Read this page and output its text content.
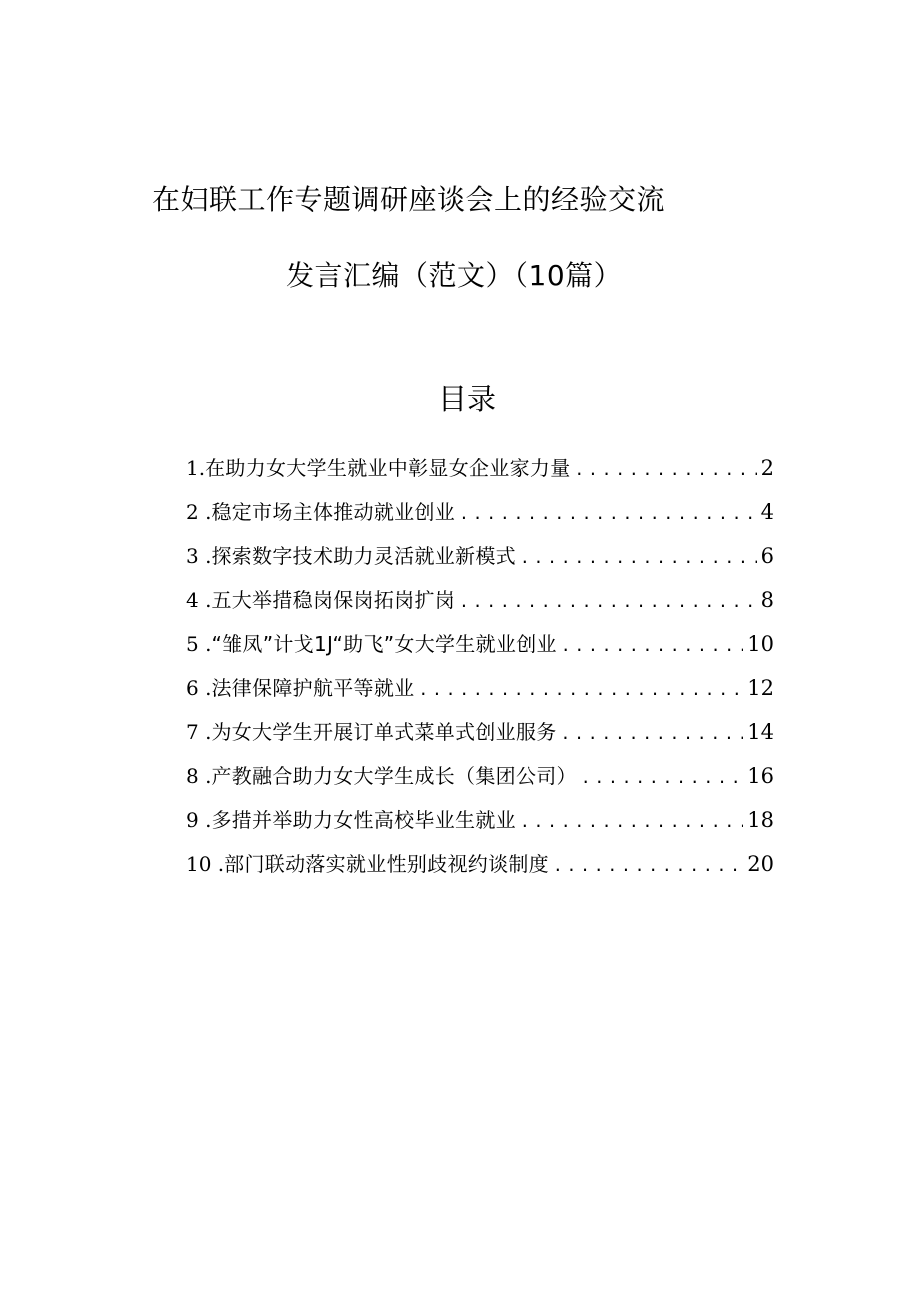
在妇联工作专题调研座谈会上的经验交流
发言汇编（范文）（10篇）
目录
1. 在助力女大学生就业中彰显女企业家力量 .....	2
2 . 稳定市场主体推动就业创业 .....	4
3 . 探索数字技术助力灵活就业新模式 .....	6
4 . 五大举措稳岗保岗拓岗扩岗 .....	8
5 . “雏凤”计戈1J“助飞”女大学生就业创业 .....	10
6 . 法律保障护航平等就业 .....	12
7 . 为女大学生开展订单式菜单式创业服务 .....	14
8 . 产教融合助力女大学生成长（集团公司） .....	16
9 . 多措并举助力女性高校毕业生就业 .....	18
10 . 部门联动落实就业性别歧视约谈制度 .....	20
